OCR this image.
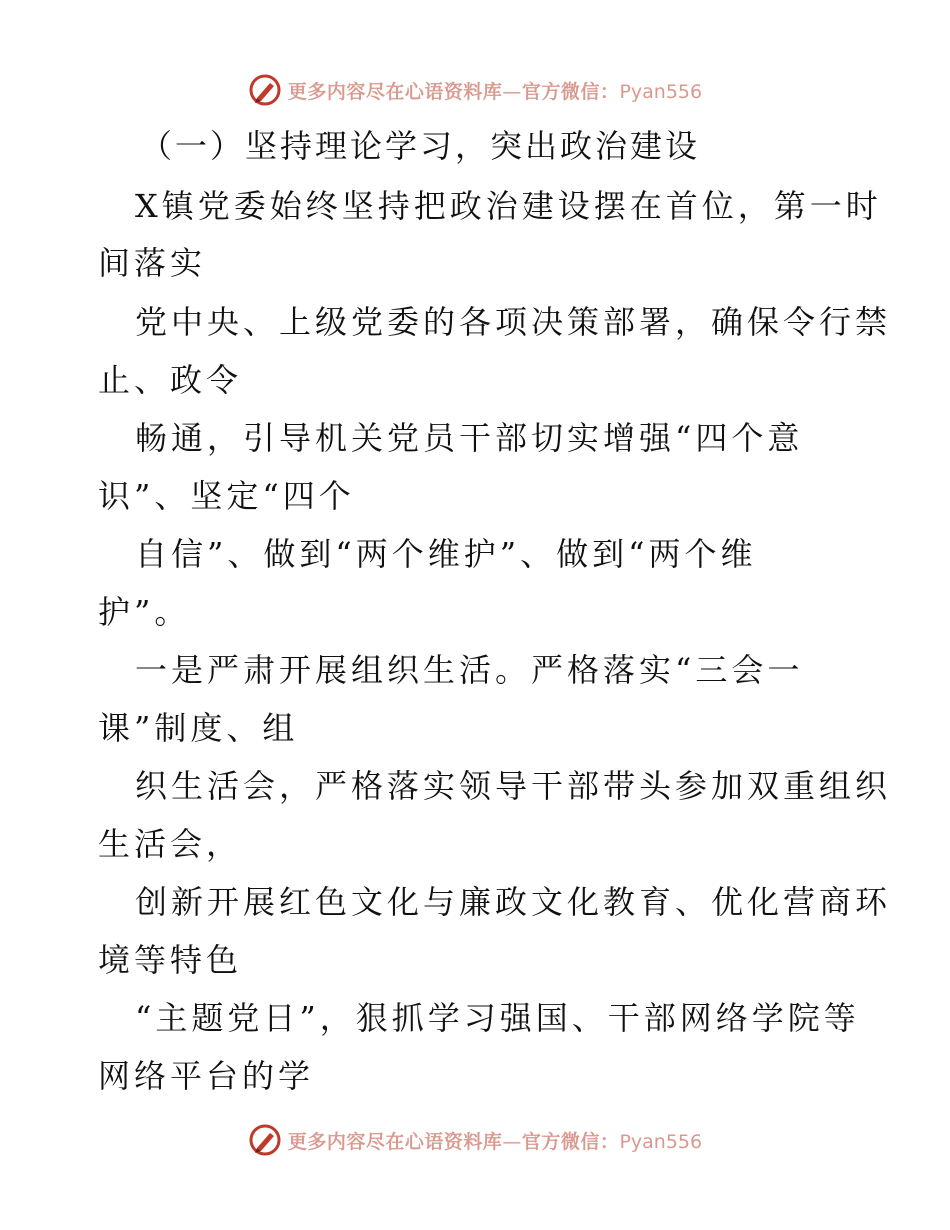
更多内容尽在心语资料库—官方微信：Pyan556
（一）坚持理论学习，突出政治建设
X镇党委始终坚持把政治建设摆在首位，第一时
间落实
党中央、上级党委的各项决策部署，确保令行禁
止、政令
畅通，引导机关党员干部切实增强“四个意
识”、坚定“四个
自信”、做到“两个维护”、做到“两个维
护”。
一是严肃开展组织生活。严格落实“三会一
课”制度、组
织生活会，严格落实领导干部带头参加双重组织
生活会，
创新开展红色文化与廉政文化教育、优化营商环
境等特色
“主题党日”，狠抓学习强国、干部网络学院等
网络平台的学
更多内容尽在心语资料库—官方微信：Pyan556
